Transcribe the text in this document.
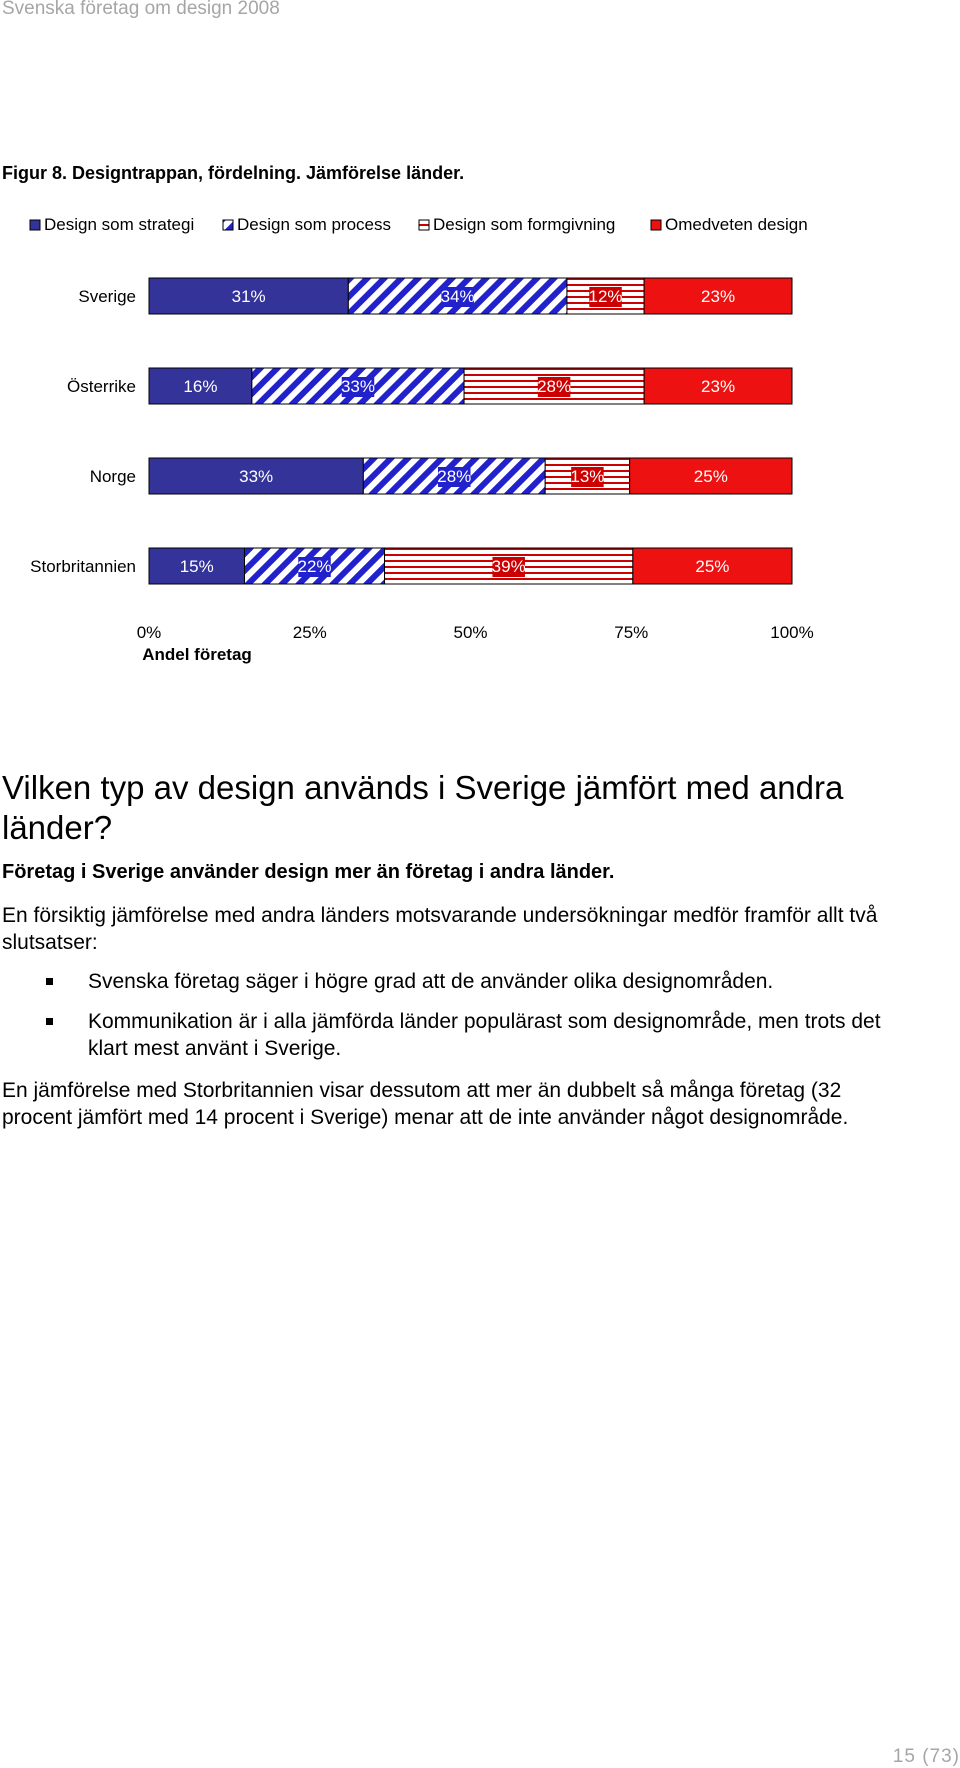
Svenska företag om design 2008
Figur 8. Designtrappan, fördelning. Jämförelse länder.
Design som strategi	Design som process Design som formgivning	Omedveten design
31%	34%	12%	23%
16%	33%	28%	23%
33%	28%	13%	25%
15%	22%	39%	25%
Sverige
Österrike
Norge
Storbritannien
0%	25%	50%	75%	100%
Andel företag
Vilken typ av design används i Sverige jämfört med andra länder?
Företag i Sverige använder design mer än företag i andra länder.

En försiktig jämförelse med andra länders motsvarande undersökningar medför framför allt två slutsatser:

Svenska företag säger i högre grad att de använder olika designområden.
Kommunikation är i alla jämförda länder populärast som designområde, men trots det klart mest använt i Sverige.

En jämförelse med Storbritannien visar dessutom att mer än dubbelt så många företag (32 procent jämfört med 14 procent i Sverige) menar att de inte använder något designområde.

15 (73)
